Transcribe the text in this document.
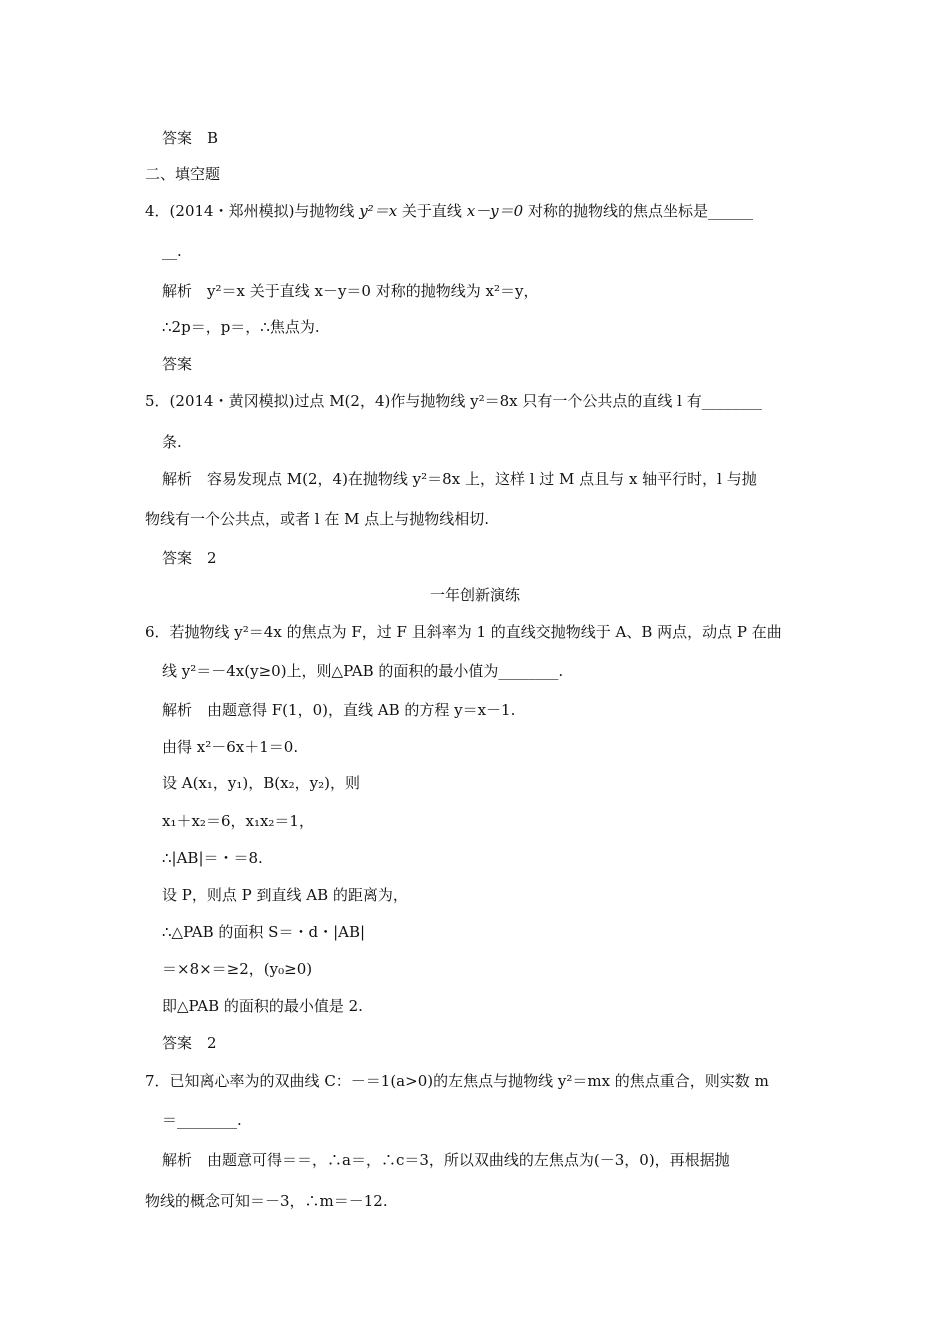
答案　B
二、填空题
4．(2014・郑州模拟)与抛物线 y²＝x 关于直线 x－y＝0 对称的抛物线的焦点坐标是______
__.
解析　y²＝x 关于直线 x－y＝0 对称的抛物线为 x²＝y，
∴2p＝，p＝，∴焦点为.
答案
5．(2014・黄冈模拟)过点 M(2，4)作与抛物线 y²＝8x 只有一个公共点的直线 l 有________
条.
解析　容易发现点 M(2，4)在抛物线 y²＝8x 上，这样 l 过 M 点且与 x 轴平行时，l 与抛
物线有一个公共点，或者 l 在 M 点上与抛物线相切.
答案　2
一年创新演练
6．若抛物线 y²＝4x 的焦点为 F，过 F 且斜率为 1 的直线交抛物线于 A、B 两点，动点 P 在曲
线 y²＝－4x(y≥0)上，则△PAB 的面积的最小值为________.
解析　由题意得 F(1，0)，直线 AB 的方程 y＝x－1.
由得 x²－6x＋1＝0.
设 A(x₁，y₁)，B(x₂，y₂)，则
x₁＋x₂＝6，x₁x₂＝1，
∴|AB|＝・＝8.
设 P，则点 P 到直线 AB 的距离为，
∴△PAB 的面积 S＝・d・|AB|
＝×8×＝≥2，(y₀≥0)
即△PAB 的面积的最小值是 2.
答案　2
7．已知离心率为的双曲线 C：－＝1(a>0)的左焦点与抛物线 y²＝mx 的焦点重合，则实数 m
＝________.
解析　由题意可得＝＝，∴a＝，∴c＝3，所以双曲线的左焦点为(－3，0)，再根据抛
物线的概念可知＝－3，∴m＝－12.
